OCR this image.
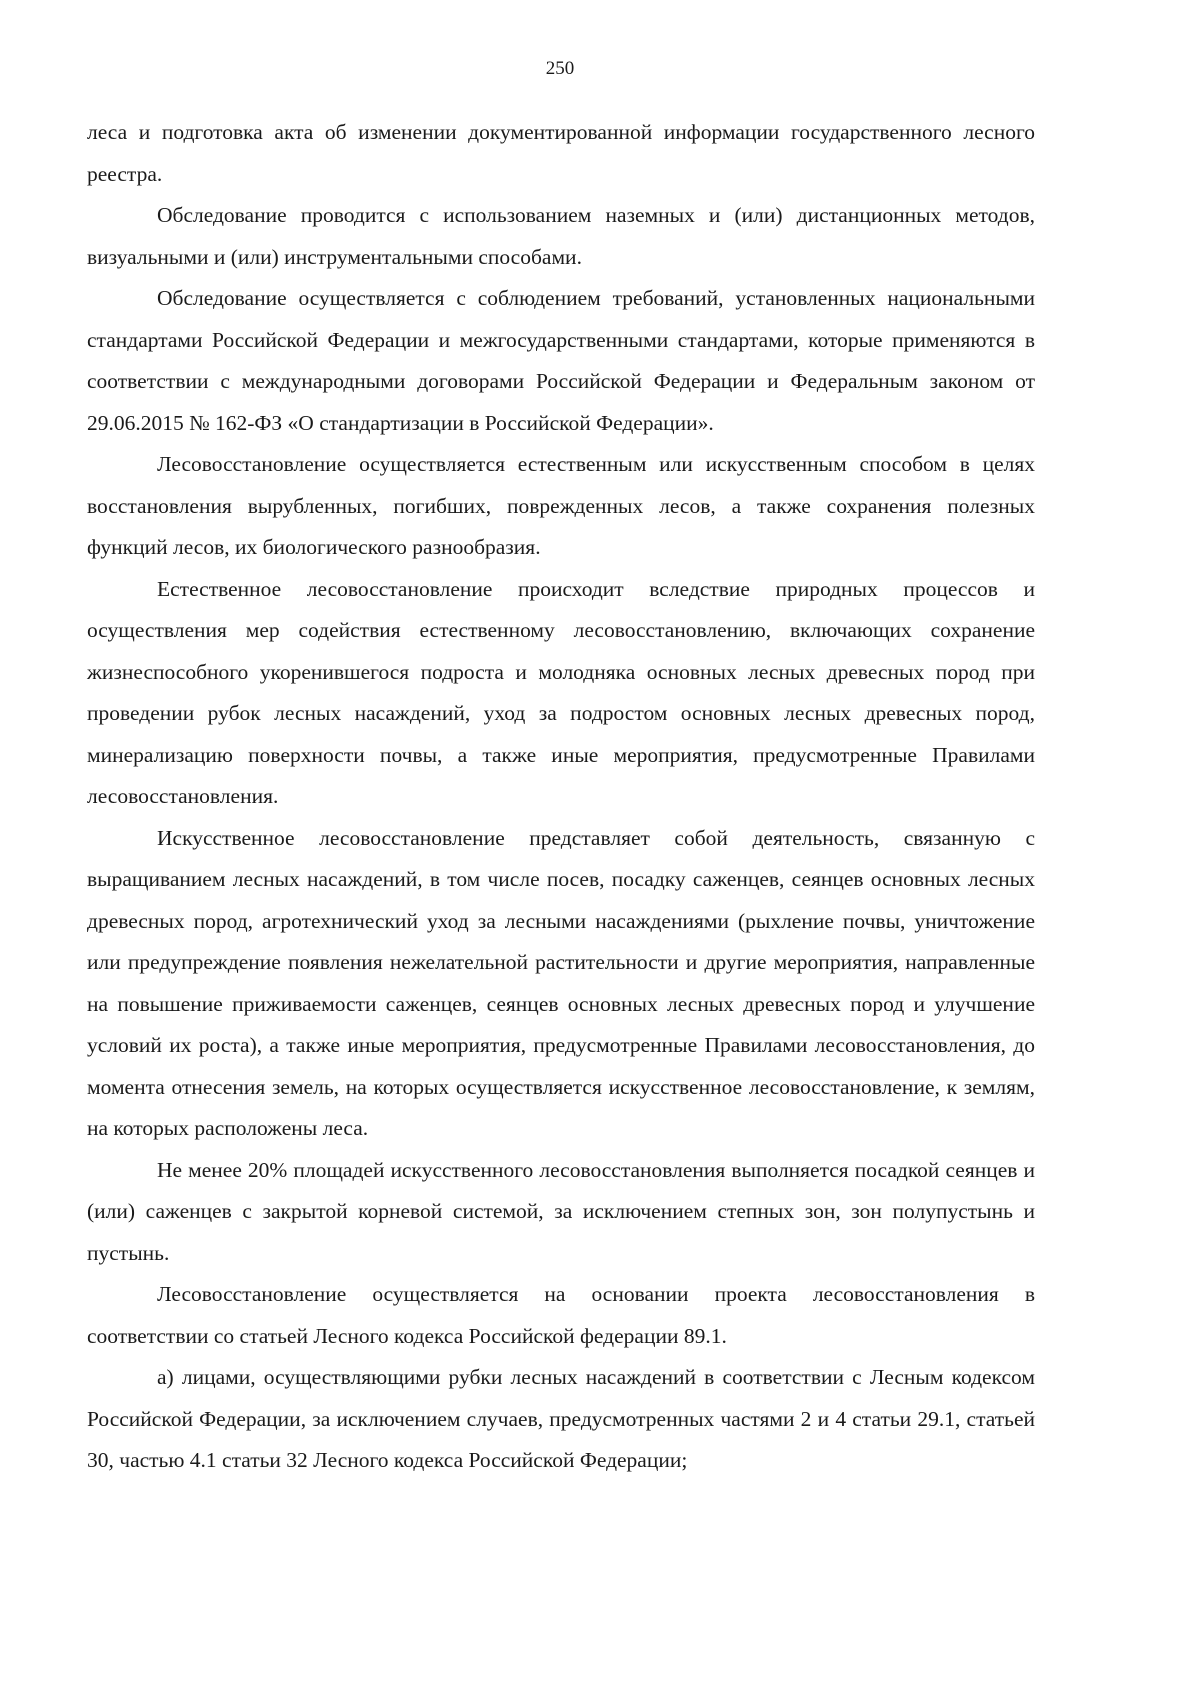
250

леса и подготовка акта об изменении документированной информации государственного лесного реестра.

Обследование проводится с использованием наземных и (или) дистанционных методов, визуальными и (или) инструментальными способами.

Обследование осуществляется с соблюдением требований, установленных национальными стандартами Российской Федерации и межгосударственными стандартами, которые применяются в соответствии с международными договорами Российской Федерации и Федеральным законом от 29.06.2015 № 162-ФЗ «О стандартизации в Российской Федерации».

Лесовосстановление осуществляется естественным или искусственным способом в целях восстановления вырубленных, погибших, поврежденных лесов, а также сохранения полезных функций лесов, их биологического разнообразия.

Естественное лесовосстановление происходит вследствие природных процессов и осуществления мер содействия естественному лесовосстановлению, включающих сохранение жизнеспособного укоренившегося подроста и молодняка основных лесных древесных пород при проведении рубок лесных насаждений, уход за подростом основных лесных древесных пород, минерализацию поверхности почвы, а также иные мероприятия, предусмотренные Правилами лесовосстановления.

Искусственное лесовосстановление представляет собой деятельность, связанную с выращиванием лесных насаждений, в том числе посев, посадку саженцев, сеянцев основных лесных древесных пород, агротехнический уход за лесными насаждениями (рыхление почвы, уничтожение или предупреждение появления нежелательной растительности и другие мероприятия, направленные на повышение приживаемости саженцев, сеянцев основных лесных древесных пород и улучшение условий их роста), а также иные мероприятия, предусмотренные Правилами лесовосстановления, до момента отнесения земель, на которых осуществляется искусственное лесовосстановление, к землям, на которых расположены леса.

Не менее 20% площадей искусственного лесовосстановления выполняется посадкой сеянцев и (или) саженцев с закрытой корневой системой, за исключением степных зон, зон полупустынь и пустынь.

Лесовосстановление осуществляется на основании проекта лесовосстановления в соответствии со статьей Лесного кодекса Российской федерации 89.1.

а) лицами, осуществляющими рубки лесных насаждений в соответствии с Лесным кодексом Российской Федерации, за исключением случаев, предусмотренных частями 2 и 4 статьи 29.1, статьей 30, частью 4.1 статьи 32 Лесного кодекса Российской Федерации;
